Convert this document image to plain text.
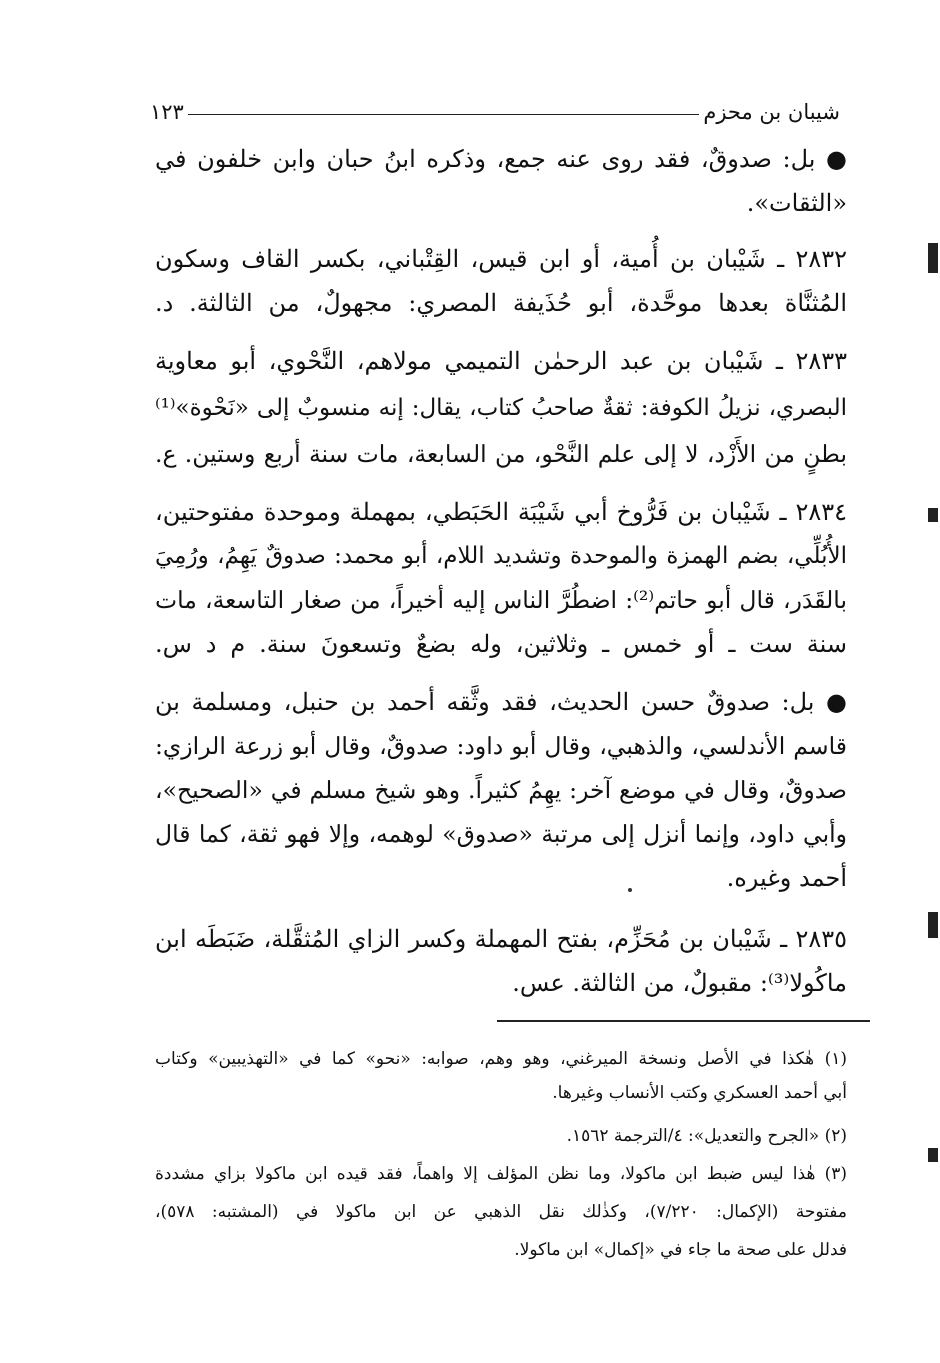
شيبان بن محزم
١٢٣
● بل: صدوقٌ، فقد روى عنه جمع، وذكره ابنُ حبان وابن خلفون في
«الثقات».
٢٨٣٢ ـ شَيْبان بن أُمية، أو ابن قيس، القِتْباني، بكسر القاف وسكون
المُثنَّاة بعدها موحَّدة، أبو حُذَيفة المصري: مجهولٌ، من الثالثة. د.
٢٨٣٣ ـ شَيْبان بن عبد الرحمٰن التميمي مولاهم، النَّحْوي، أبو معاوية
البصري، نزيلُ الكوفة: ثقةٌ صاحبُ كتاب، يقال: إنه منسوبٌ إلى «نَحْوة»⁽¹⁾
بطنٍ من الأَزْد، لا إلى علم النَّحْو، من السابعة، مات سنة أربع وستين. ع.
٢٨٣٤ ـ شَيْبان بن فَرُّوخ أبي شَيْبَة الحَبَطي، بمهملة وموحدة مفتوحتين،
الأُبُلِّي، بضم الهمزة والموحدة وتشديد اللام، أبو محمد: صدوقٌ يَهِمُ، ورُمِيَ
بالقَدَر، قال أبو حاتم⁽²⁾: اضطُرَّ الناس إليه أخيراً، من صغار التاسعة، مات
سنة ست ـ أو خمس ـ وثلاثين، وله بضعٌ وتسعونَ سنة. م د س.
● بل: صدوقٌ حسن الحديث، فقد وثَّقه أحمد بن حنبل، ومسلمة بن
قاسم الأندلسي، والذهبي، وقال أبو داود: صدوقٌ، وقال أبو زرعة الرازي:
صدوقٌ، وقال في موضع آخر: يهِمُ كثيراً. وهو شيخ مسلم في «الصحيح»،
وأبي داود، وإنما أنزل إلى مرتبة «صدوق» لوهمه، وإلا فهو ثقة، كما قال
أحمد وغيره.
٢٨٣٥ ـ شَيْبان بن مُحَزِّم، بفتح المهملة وكسر الزاي المُثقَّلة، ضَبَطَه ابن
ماكُولا⁽³⁾: مقبولٌ، من الثالثة. عس.
(١) هٰكذا في الأصل ونسخة الميرغني، وهو وهم، صوابه: «نحو» كما في «التهذيبين» وكتاب
أبي أحمد العسكري وكتب الأنساب وغيرها.
(٢) «الجرح والتعديل»: ٤/الترجمة ١٥٦٢.
(٣) هٰذا ليس ضبط ابن ماكولا، وما نظن المؤلف إلا واهماً، فقد قيده ابن ماكولا بزاي مشددة
مفتوحة (الإكمال: ٧/٢٢٠)، وكذٰلك نقل الذهبي عن ابن ماكولا في (المشتبه: ٥٧٨)،
فدلل على صحة ما جاء في «إكمال» ابن ماكولا.
